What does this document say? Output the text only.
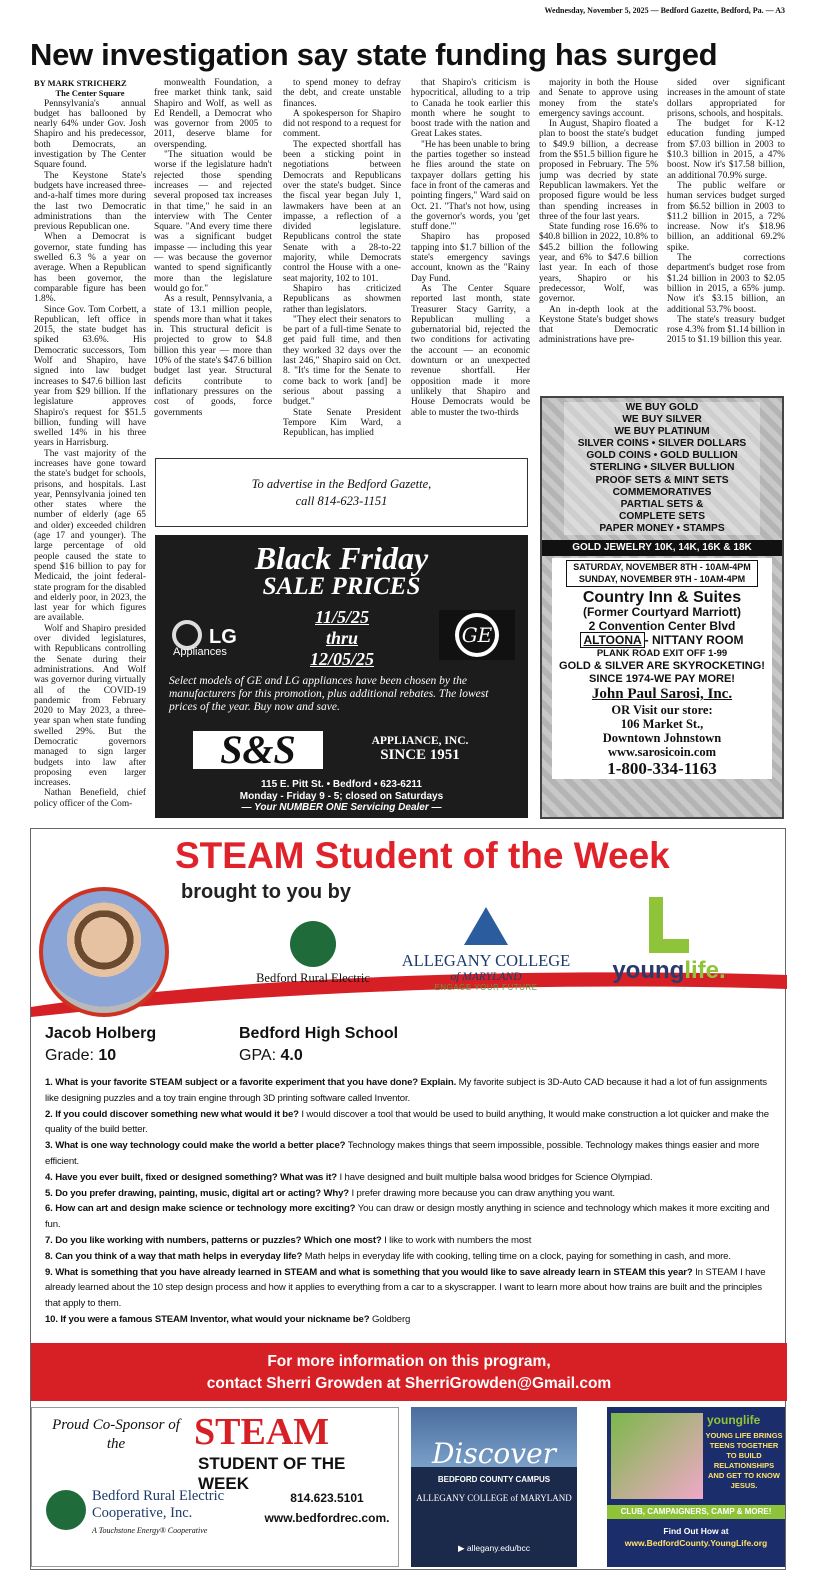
Wednesday, November 5, 2025 — Bedford Gazette, Bedford, Pa. — A3
New investigation say state funding has surged

BY MARK STRICHERZ

The Center Square

Pennsylvania's annual budget has ballooned by nearly 64% under Gov. Josh Shapiro and his predecessor, both Democrats, an investigation by The Center Square found.

The Keystone State's budgets have increased three-and-a-half times more during the last two Democratic administrations than the previous Republican one.

When a Democrat is governor, state funding has swelled 6.3 % a year on average. When a Republican has been governor, the comparable figure has been 1.8%.

Since Gov. Tom Corbett, a Republican, left office in 2015, the state budget has spiked 63.6%. His Democratic successors, Tom Wolf and Shapiro, have signed into law budget increases to $47.6 billion last year from $29 billion. If the legislature approves Shapiro's request for $51.5 billion, funding will have swelled 14% in his three years in Harrisburg.

The vast majority of the increases have gone toward the state's budget for schools, prisons, and hospitals. Last year, Pennsylvania joined ten other states where the number of elderly (age 65 and older) exceeded children (age 17 and younger). The large percentage of old people caused the state to spend $16 billion to pay for Medicaid, the joint federal-state program for the disabled and elderly poor, in 2023, the last year for which figures are available.

Wolf and Shapiro presided over divided legislatures, with Republicans controlling the Senate during their administrations. And Wolf was governor during virtually all of the COVID-19 pandemic from February 2020 to May 2023, a three-year span when state funding swelled 29%. But the Democratic governors managed to sign larger budgets into law after proposing even larger increases.

Nathan Benefield, chief policy officer of the Com-

monwealth Foundation, a free market think tank, said Shapiro and Wolf, as well as Ed Rendell, a Democrat who was governor from 2005 to 2011, deserve blame for overspending.

"The situation would be worse if the legislature hadn't rejected those spending increases — and rejected several proposed tax increases in that time," he said in an interview with The Center Square. "And every time there was a significant budget impasse — including this year — was because the governor wanted to spend significantly more than the legislature would go for."

As a result, Pennsylvania, a state of 13.1 million people, spends more than what it takes in. This structural deficit is projected to grow to $4.8 billion this year — more than 10% of the state's $47.6 billion budget last year. Structural deficits contribute to inflationary pressures on the cost of goods, force governments

to spend money to defray the debt, and create unstable finances.

A spokesperson for Shapiro did not respond to a request for comment.

The expected shortfall has been a sticking point in negotiations between Democrats and Republicans over the state's budget. Since the fiscal year began July 1, lawmakers have been at an impasse, a reflection of a divided legislature. Republicans control the state Senate with a 28-to-22 majority, while Democrats control the House with a one-seat majority, 102 to 101.

Shapiro has criticized Republicans as showmen rather than legislators.

"They elect their senators to be part of a full-time Senate to get paid full time, and then they worked 32 days over the last 246," Shapiro said on Oct. 8. "It's time for the Senate to come back to work [and] be serious about passing a budget."

State Senate President Tempore Kim Ward, a Republican, has implied

that Shapiro's criticism is hypocritical, alluding to a trip to Canada he took earlier this month where he sought to boost trade with the nation and Great Lakes states.

"He has been unable to bring the parties together so instead he flies around the state on taxpayer dollars getting his face in front of the cameras and pointing fingers," Ward said on Oct. 21. "That's not how, using the governor's words, you 'get stuff done.'"

Shapiro has proposed tapping into $1.7 billion of the state's emergency savings account, known as the "Rainy Day Fund.

As The Center Square reported last month, state Treasurer Stacy Garrity, a Republican mulling a gubernatorial bid, rejected the two conditions for activating the account — an economic downturn or an unexpected revenue shortfall. Her opposition made it more unlikely that Shapiro and House Democrats would be able to muster the two-thirds

majority in both the House and Senate to approve using money from the state's emergency savings account.

In August, Shapiro floated a plan to boost the state's budget to $49.9 billion, a decrease from the $51.5 billion figure he proposed in February. The 5% jump was decried by state Republican lawmakers. Yet the proposed figure would be less than spending increases in three of the four last years.

State funding rose 16.6% to $40.8 billion in 2022, 10.8% to $45.2 billion the following year, and 6% to $47.6 billion last year. In each of those years, Shapiro or his predecessor, Wolf, was governor.

An in-depth look at the Keystone State's budget shows that Democratic administrations have pre-

sided over significant increases in the amount of state dollars appropriated for prisons, schools, and hospitals.

The budget for K-12 education funding jumped from $7.03 billion in 2003 to $10.3 billion in 2015, a 47% boost. Now it's $17.58 billion, an additional 70.9% surge.

The public welfare or human services budget surged from $6.52 billion in 2003 to $11.2 billion in 2015, a 72% increase. Now it's $18.96 billion, an additional 69.2% spike.

The corrections department's budget rose from $1.24 billion in 2003 to $2.05 billion in 2015, a 65% jump. Now it's $3.15 billion, an additional 53.7% boost.

The state's treasury budget rose 4.3% from $1.14 billion in 2015 to $1.19 billion this year.

To advertise in the Bedford Gazette,
call 814-623-1151
Black Friday
SALE PRICES
LG
Appliances
11/5/25
thru
12/05/25
GE
Select models of GE and LG appliances have been chosen by the manufacturers for this promotion, plus additional rebates. The lowest prices of the year. Buy now and save.
S&S	APPLIANCE, INC.
SINCE 1951
115 E. Pitt St. • Bedford • 623-6211
Monday - Friday 9 - 5; closed on Saturdays
— Your NUMBER ONE Servicing Dealer —
WE BUY GOLD
WE BUY SILVER
WE BUY PLATINUM
SILVER COINS • SILVER DOLLARS
GOLD COINS • GOLD BULLION
STERLING • SILVER BULLION
PROOF SETS & MINT SETS
COMMEMORATIVES
PARTIAL SETS &
COMPLETE SETS
PAPER MONEY • STAMPS
GOLD JEWELRY 10K, 14K, 16K & 18K
SATURDAY, NOVEMBER 8TH - 10AM-4PM
SUNDAY, NOVEMBER 9TH - 10AM-4PM
Country Inn & Suites
(Former Courtyard Marriott)
2 Convention Center Blvd
ALTOONA - NITTANY ROOM
PLANK ROAD EXIT OFF 1-99
GOLD & SILVER ARE SKYROCKETING!
SINCE 1974-WE PAY MORE!
John Paul Sarosi, Inc.
OR Visit our store:
106 Market St.,
Downtown Johnstown
www.sarosicoin.com
1-800-334-1163
STEAM Student of the Week
brought to you by
Bedford Rural Electric
ALLEGANY COLLEGE
of MARYLAND
ENGAGE YOUR FUTURE
younglife.
Jacob Holberg
Grade: 10
Bedford High School
GPA: 4.0
1. What is your favorite STEAM subject or a favorite experiment that you have done? Explain. My favorite subject is 3D-Auto CAD because it had a lot of fun assignments like designing puzzles and a toy train engine through 3D printing software called Inventor.
2. If you could discover something new what would it be? I would discover a tool that would be used to build anything, It would make construction a lot quicker and make the quality of the build better.
3. What is one way technology could make the world a better place? Technology makes things that seem impossible, possible. Technology makes things easier and more efficient.
4. Have you ever built, fixed or designed something? What was it? I have designed and built multiple balsa wood bridges for Science Olympiad.
5. Do you prefer drawing, painting, music, digital art or acting? Why? I prefer drawing more because you can draw anything you want.
6. How can art and design make science or technology more exciting? You can draw or design mostly anything in science and technology which makes it more exciting and fun.
7. Do you like working with numbers, patterns or puzzles? Which one most? I like to work with numbers the most
8. Can you think of a way that math helps in everyday life? Math helps in everyday life with cooking, telling time on a clock, paying for something in cash, and more.
9. What is something that you have already learned in STEAM and what is something that you would like to save already learn in STEAM this year? In STEAM I have already learned about the 10 step design process and how it applies to everything from a car to a skyscrapper. I want to learn more about how trains are built and the principles that apply to them.
10. If you were a famous STEAM Inventor, what would your nickname be? Goldberg
For more information on this program,
contact Sherri Growden at SherriGrowden@Gmail.com
Proud Co-Sponsor of the	STEAM
STUDENT OF THE WEEK
Bedford Rural Electric
Cooperative, Inc.
A Touchstone Energy® Cooperative
814.623.5101
www.bedfordrec.com.
Discover
BEDFORD COUNTY CAMPUS
ALLEGANY COLLEGE of MARYLAND
▶ allegany.edu/bcc
younglife
YOUNG LIFE BRINGS TEENS TOGETHER TO BUILD RELATIONSHIPS AND GET TO KNOW JESUS.
CLUB, CAMPAIGNERS, CAMP & MORE!
Find Out How at
www.BedfordCounty.YoungLife.org
